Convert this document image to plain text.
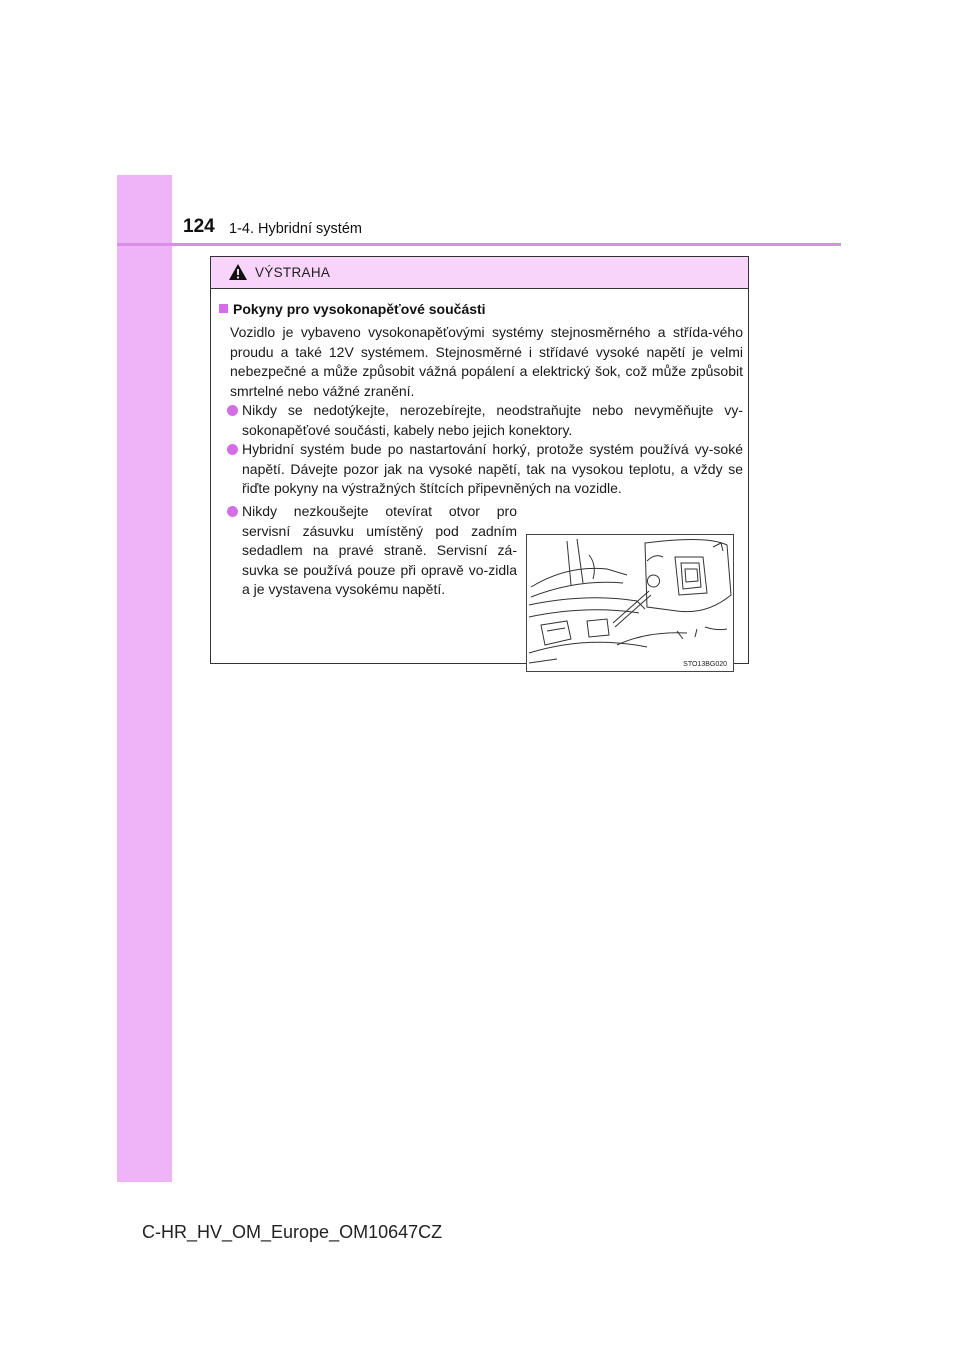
124 1-4. Hybridní systém
VÝSTRAHA
Pokyny pro vysokonapěťové součásti
Vozidlo je vybaveno vysokonapěťovými systémy stejnosměrného a střída-vého proudu a také 12V systémem. Stejnosměrné i střídavé vysoké napětí je velmi nebezpečné a může způsobit vážná popálení a elektrický šok, což může způsobit smrtelné nebo vážné zranění.
Nikdy se nedotýkejte, nerozebírejte, neodstraňujte nebo nevyměňujte vy-sokonapěťové součásti, kabely nebo jejich konektory.
Hybridní systém bude po nastartování horký, protože systém používá vy-soké napětí. Dávejte pozor jak na vysoké napětí, tak na vysokou teplotu, a vždy se řiďte pokyny na výstražných štítcích připevněných na vozidle.
Nikdy nezkoušejte otevírat otvor pro servisní zásuvku umístěný pod zadním sedadlem na pravé straně. Servisní zá-suvka se používá pouze při opravě vo-zidla a je vystavena vysokému napětí.
STO13BG020
C-HR_HV_OM_Europe_OM10647CZ
